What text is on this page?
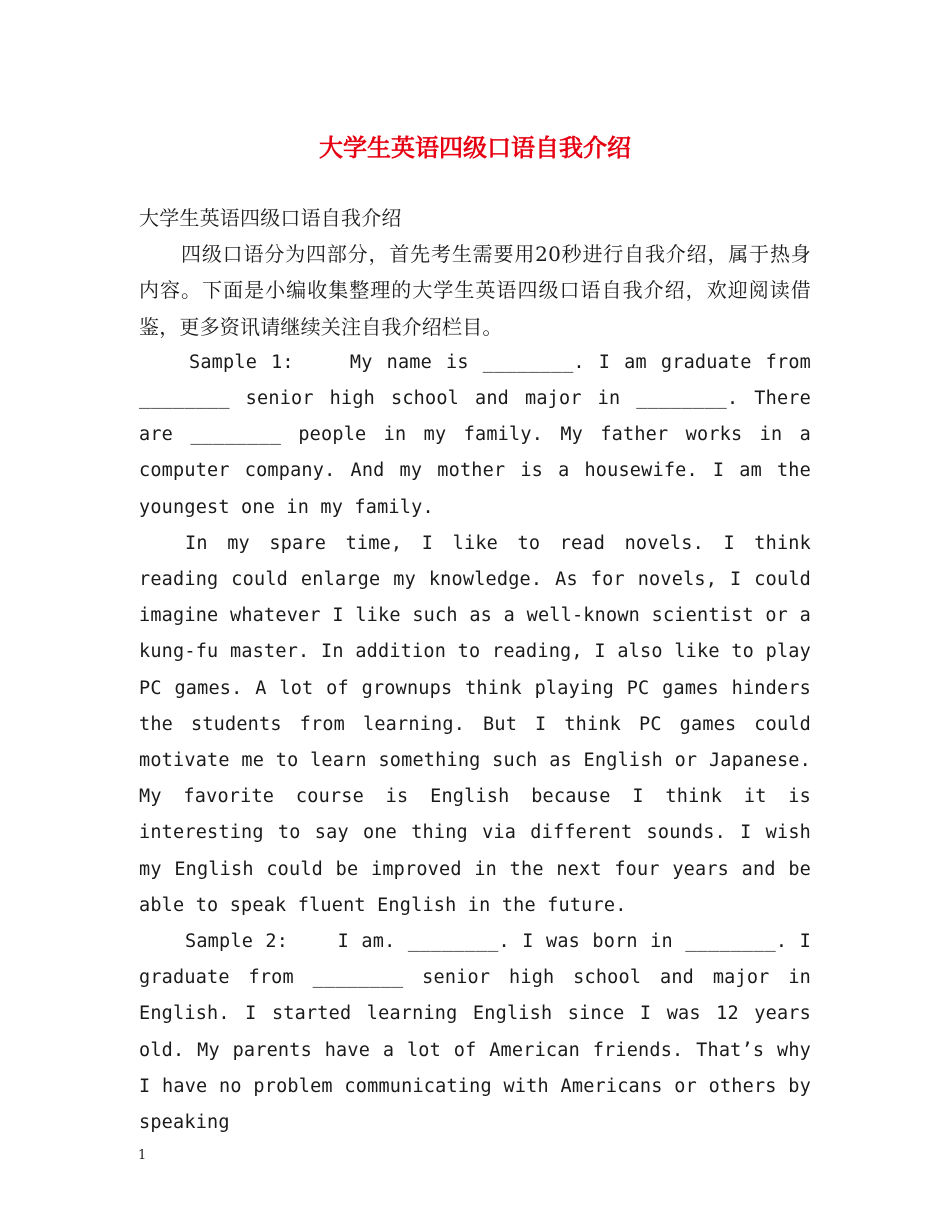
大学生英语四级口语自我介绍

大学生英语四级口语自我介绍

四级口语分为四部分，首先考生需要用20秒进行自我介绍，属于热身内容。下面是小编收集整理的大学生英语四级口语自我介绍，欢迎阅读借鉴，更多资讯请继续关注自我介绍栏目。

Sample 1:    My name is ________. I am graduate from ________ senior high school and major in ________. There are ________ people in my family. My father works in a computer company. And my mother is a housewife. I am the youngest one in my family.

In my spare time, I like to read novels. I think reading could enlarge my knowledge. As for novels, I could imagine whatever I like such as a well-known scientist or a kung-fu master. In addition to reading, I also like to play PC games. A lot of grownups think playing PC games hinders the students from learning. But I think PC games could motivate me to learn something such as English or Japanese. My favorite course is English because I think it is interesting to say one thing via different sounds. I wish my English could be improved in the next four years and be able to speak fluent English in the future.

Sample 2:    I am. ________. I was born in ________. I graduate from ________ senior high school and major in English. I started learning English since I was 12 years old. My parents have a lot of American friends. That’s why I have no problem communicating with Americans or others by speaking

1
